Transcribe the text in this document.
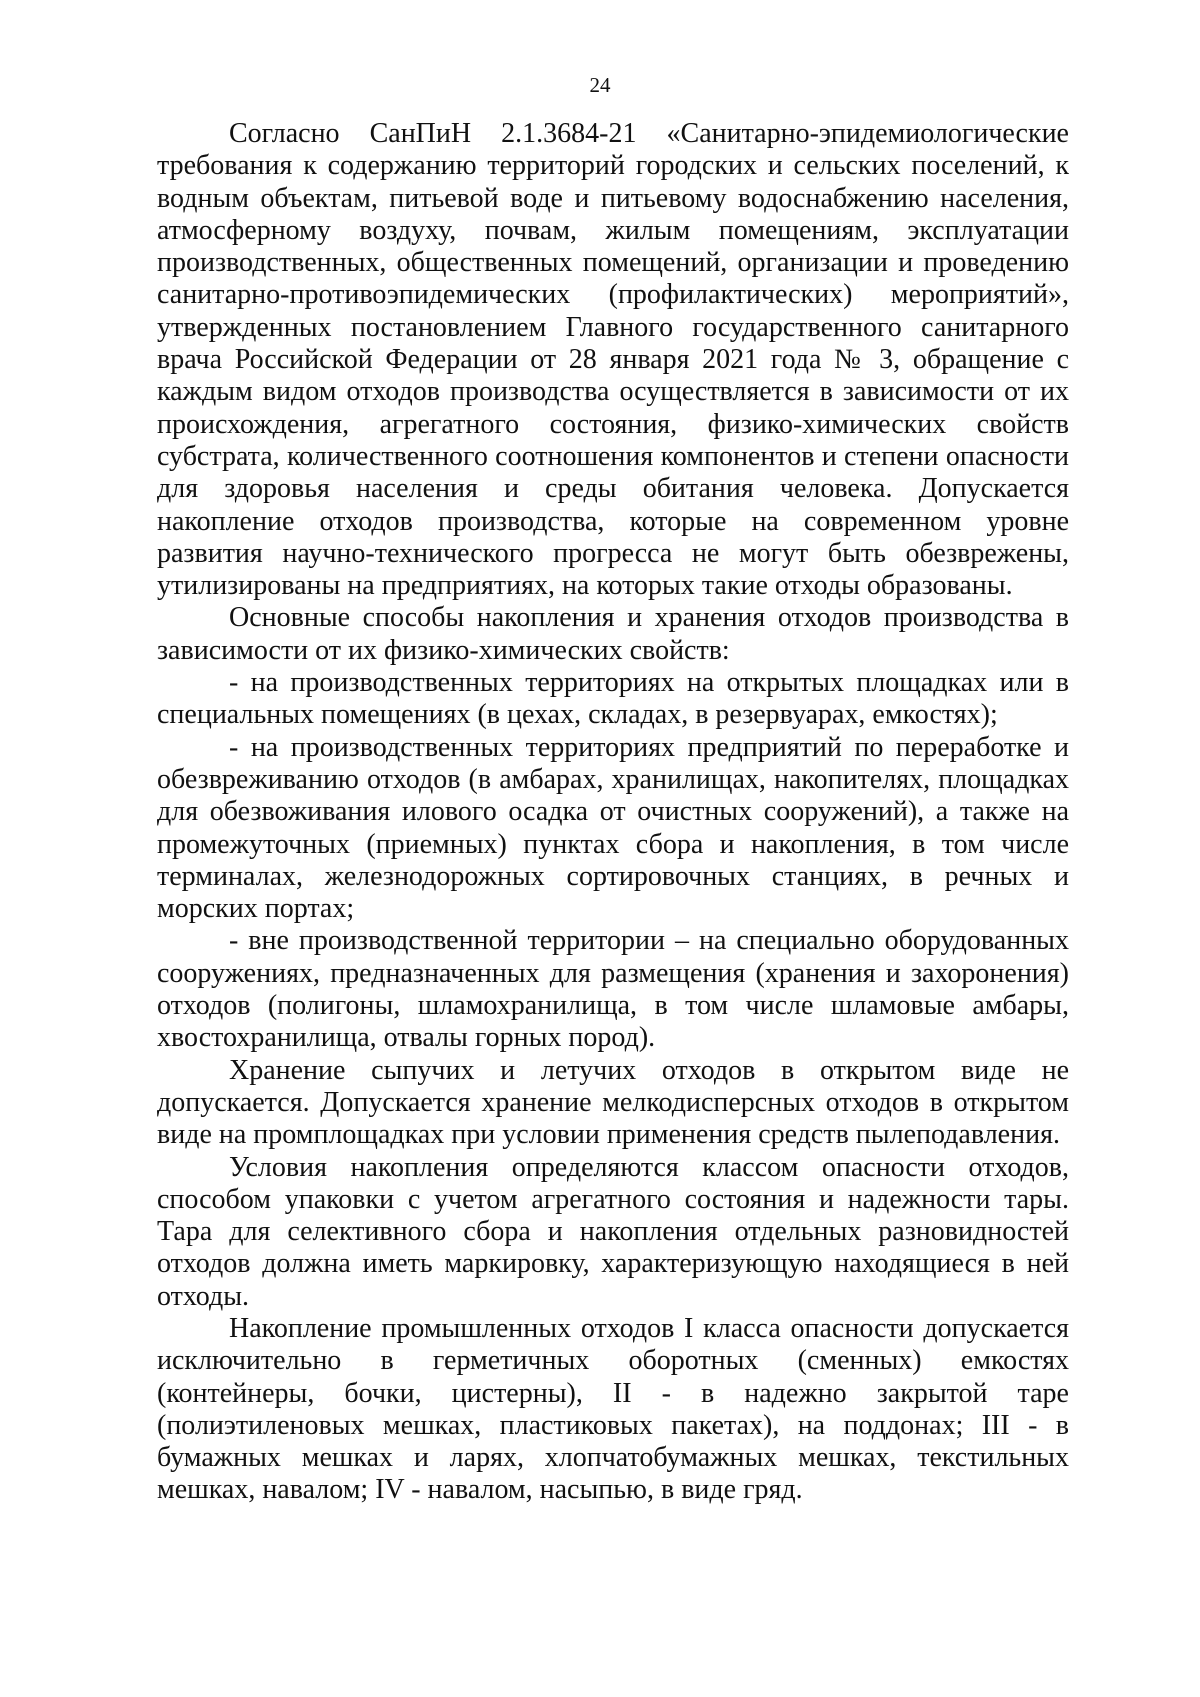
24

Согласно СанПиН 2.1.3684-21 «Санитарно-эпидемиологические требования к содержанию территорий городских и сельских поселений, к водным объектам, питьевой воде и питьевому водоснабжению населения, атмосферному воздуху, почвам, жилым помещениям, эксплуатации производственных, общественных помещений, организации и проведению санитарно-противоэпидемических (профилактических) мероприятий», утвержденных постановлением Главного государственного санитарного врача Российской Федерации от 28 января 2021 года № 3, обращение с каждым видом отходов производства осуществляется в зависимости от их происхождения, агрегатного состояния, физико-химических свойств субстрата, количественного соотношения компонентов и степени опасности для здоровья населения и среды обитания человека. Допускается накопление отходов производства, которые на современном уровне развития научно-технического прогресса не могут быть обезврежены, утилизированы на предприятиях, на которых такие отходы образованы.

Основные способы накопления и хранения отходов производства в зависимости от их физико-химических свойств:

- на производственных территориях на открытых площадках или в специальных помещениях (в цехах, складах, в резервуарах, емкостях);

- на производственных территориях предприятий по переработке и обезвреживанию отходов (в амбарах, хранилищах, накопителях, площадках для обезвоживания илового осадка от очистных сооружений), а также на промежуточных (приемных) пунктах сбора и накопления, в том числе терминалах, железнодорожных сортировочных станциях, в речных и морских портах;

- вне производственной территории – на специально оборудованных сооружениях, предназначенных для размещения (хранения и захоронения) отходов (полигоны, шламохранилища, в том числе шламовые амбары, хвостохранилища, отвалы горных пород).

Хранение сыпучих и летучих отходов в открытом виде не допускается. Допускается хранение мелкодисперсных отходов в открытом виде на промплощадках при условии применения средств пылеподавления.

Условия накопления определяются классом опасности отходов, способом упаковки с учетом агрегатного состояния и надежности тары. Тара для селективного сбора и накопления отдельных разновидностей отходов должна иметь маркировку, характеризующую находящиеся в ней отходы.

Накопление промышленных отходов I класса опасности допускается исключительно в герметичных оборотных (сменных) емкостях (контейнеры, бочки, цистерны), II - в надежно закрытой таре (полиэтиленовых мешках, пластиковых пакетах), на поддонах; III - в бумажных мешках и ларях, хлопчатобумажных мешках, текстильных мешках, навалом; IV - навалом, насыпью, в виде гряд.
